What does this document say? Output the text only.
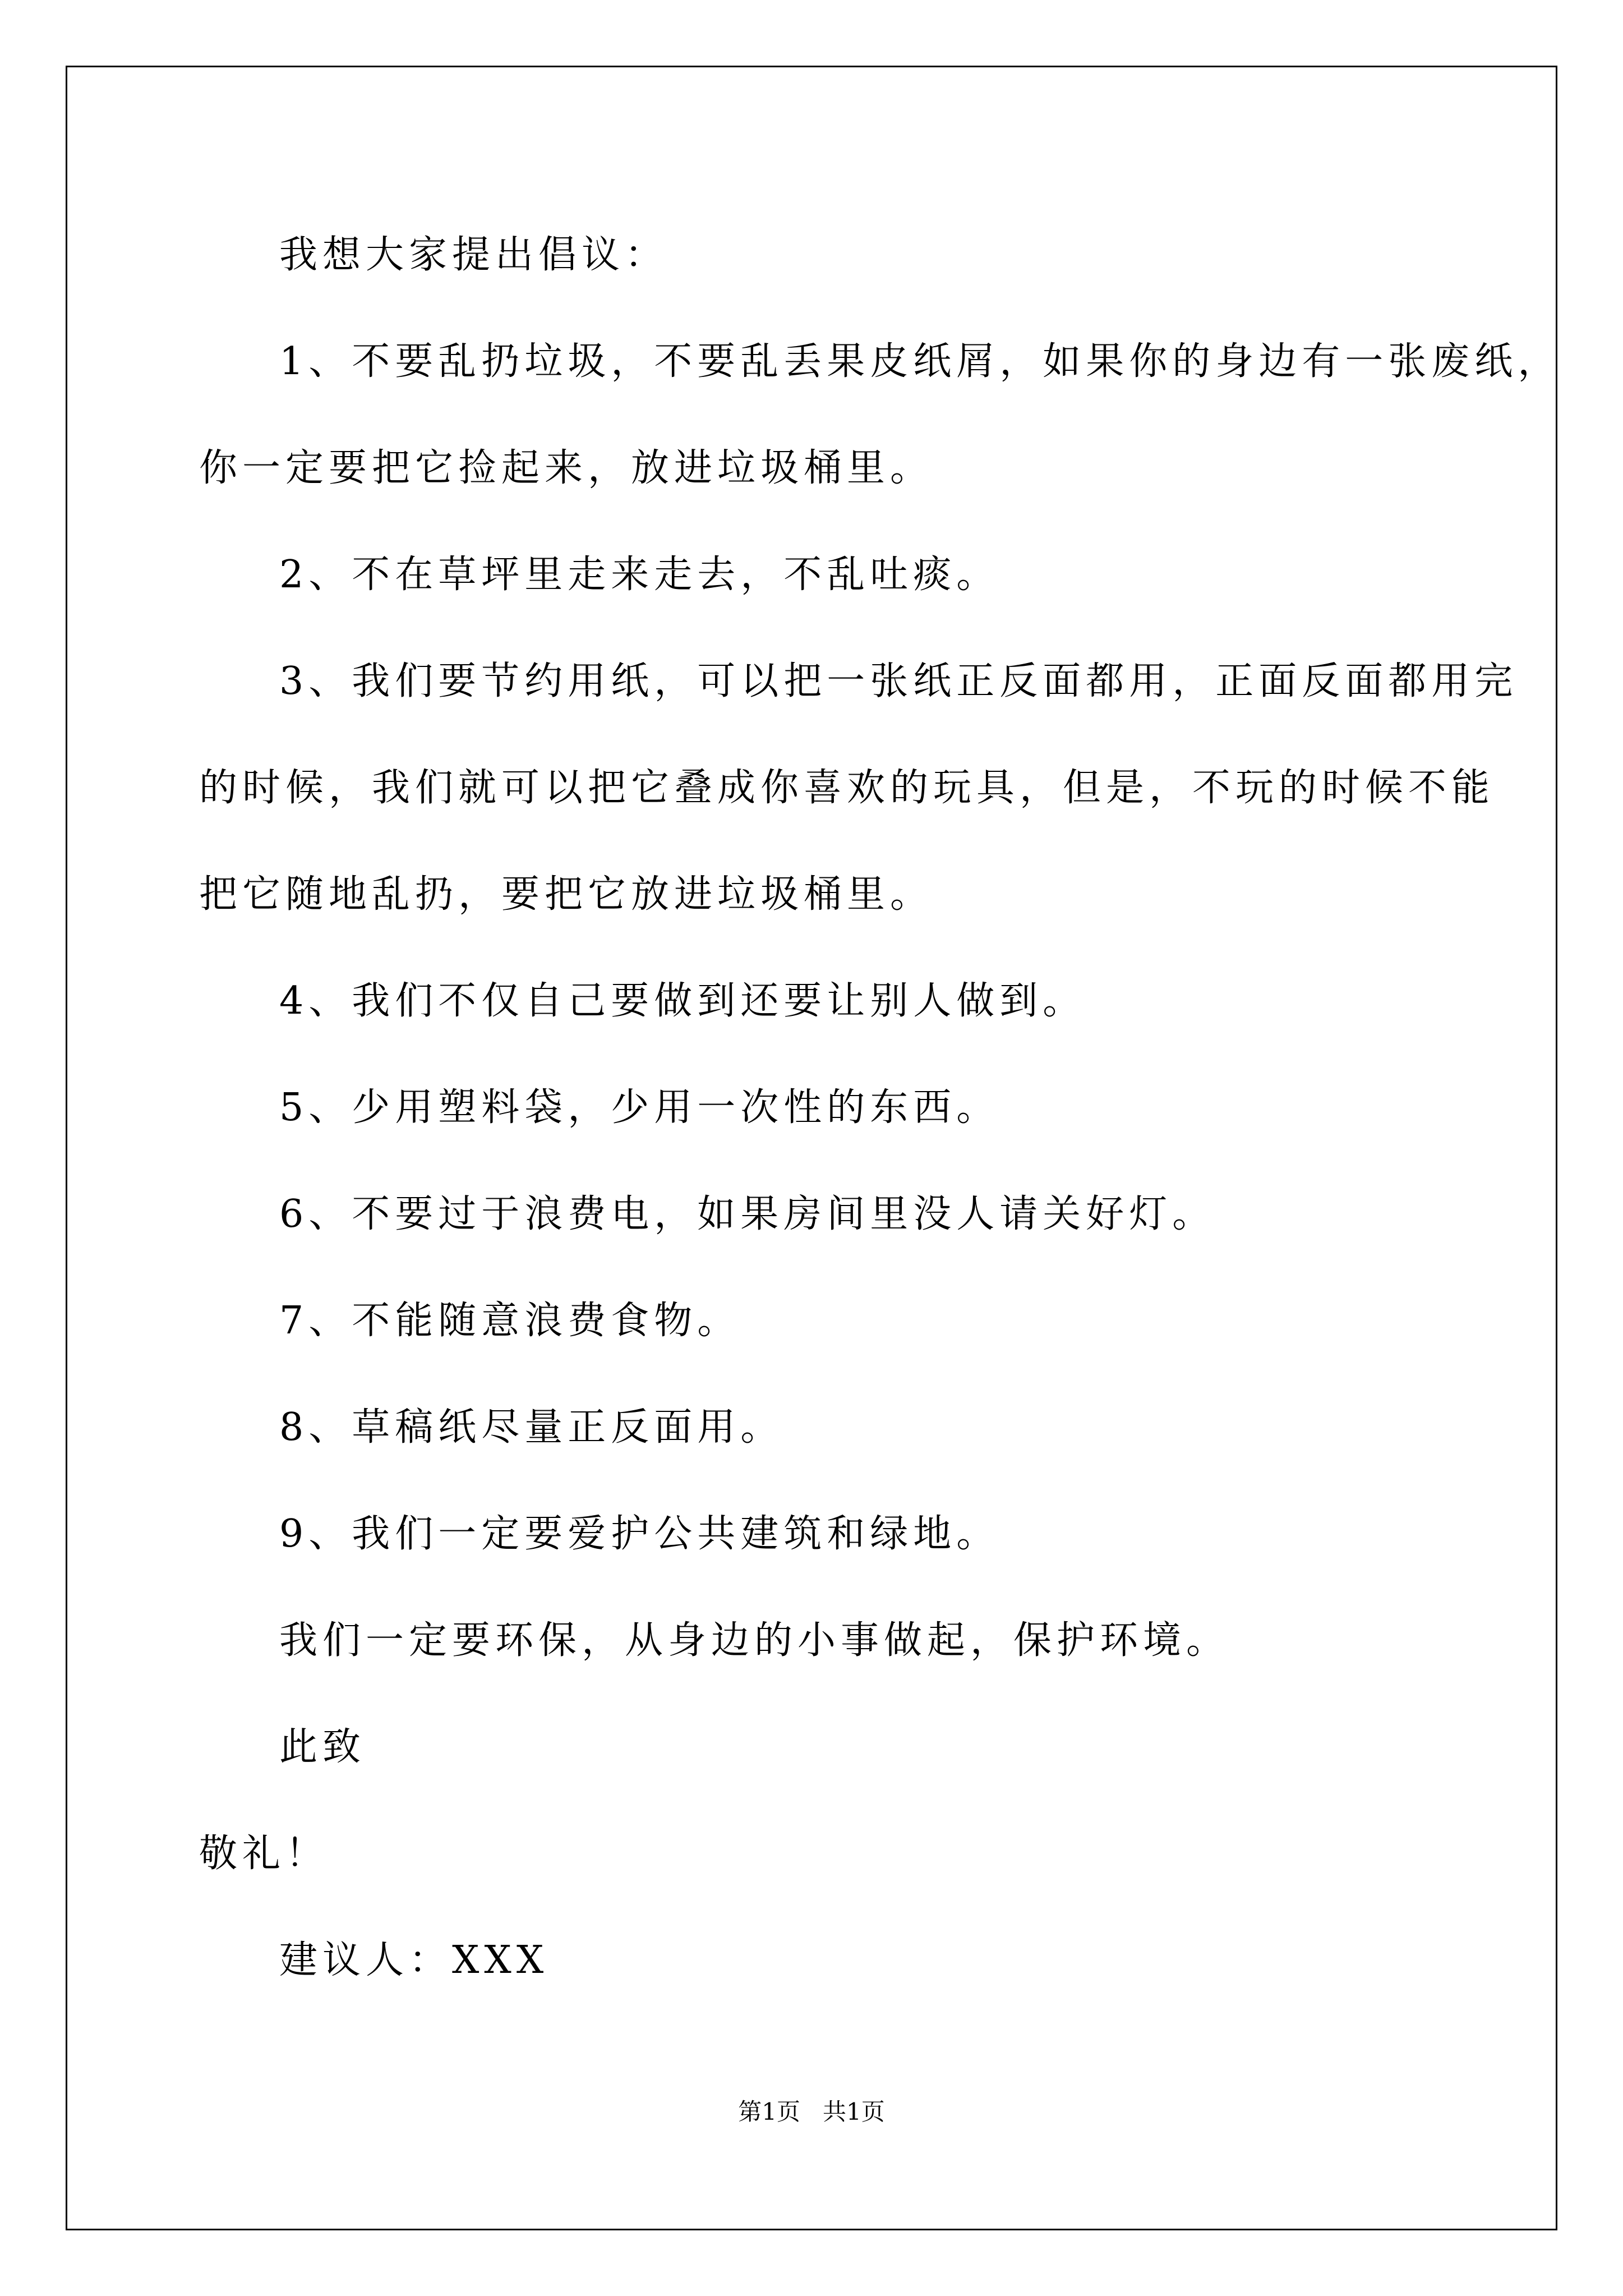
我想大家提出倡议：
1、不要乱扔垃圾，不要乱丢果皮纸屑，如果你的身边有一张废纸，
你一定要把它捡起来，放进垃圾桶里。
2、不在草坪里走来走去，不乱吐痰。
3、我们要节约用纸，可以把一张纸正反面都用，正面反面都用完
的时候，我们就可以把它叠成你喜欢的玩具，但是，不玩的时候不能
把它随地乱扔，要把它放进垃圾桶里。
4、我们不仅自己要做到还要让别人做到。
5、少用塑料袋，少用一次性的东西。
6、不要过于浪费电，如果房间里没人请关好灯。
7、不能随意浪费食物。
8、草稿纸尽量正反面用。
9、我们一定要爱护公共建筑和绿地。
我们一定要环保，从身边的小事做起，保护环境。
此致
敬礼！
建议人：XXX
第1页   共1页
